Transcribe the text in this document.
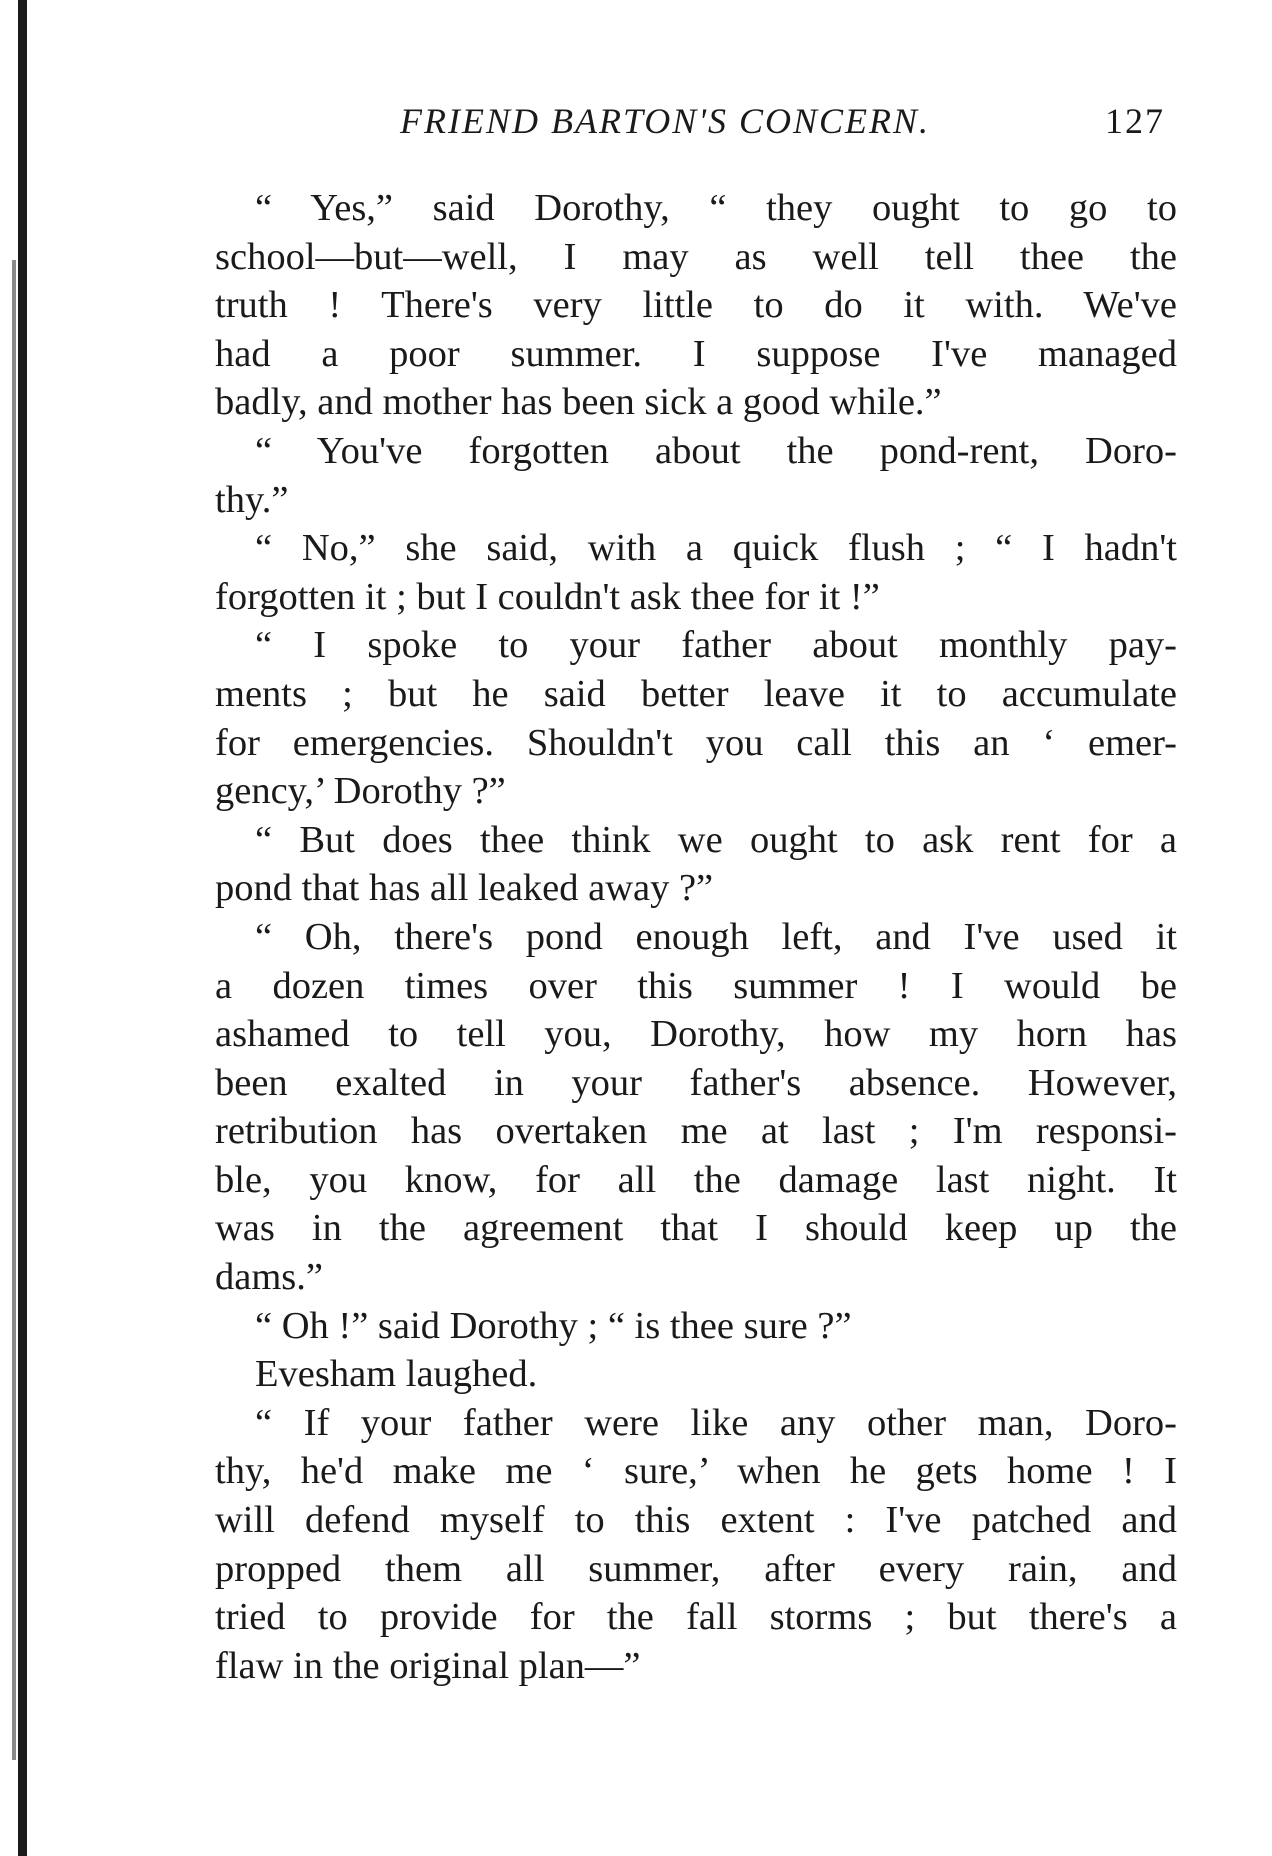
FRIEND BARTON'S CONCERN.	127
“ Yes,” said Dorothy, “ they ought to go to
school—but—well, I may as well tell thee the
truth ! There's very little to do it with. We've
had a poor summer. I suppose I've managed
badly, and mother has been sick a good while.”
“ You've forgotten about the pond-rent, Doro-
thy.”
“ No,” she said, with a quick flush ; “ I hadn't
forgotten it ; but I couldn't ask thee for it !”
“ I spoke to your father about monthly pay-
ments ; but he said better leave it to accumulate
for emergencies. Shouldn't you call this an ‘ emer-
gency,’ Dorothy ?”
“ But does thee think we ought to ask rent for a
pond that has all leaked away ?”
“ Oh, there's pond enough left, and I've used it
a dozen times over this summer ! I would be
ashamed to tell you, Dorothy, how my horn has
been exalted in your father's absence. However,
retribution has overtaken me at last ; I'm responsi-
ble, you know, for all the damage last night. It
was in the agreement that I should keep up the
dams.”
“ Oh !” said Dorothy ; “ is thee sure ?”
Evesham laughed.
“ If your father were like any other man, Doro-
thy, he'd make me ‘ sure,’ when he gets home ! I
will defend myself to this extent : I've patched and
propped them all summer, after every rain, and
tried to provide for the fall storms ; but there's a
flaw in the original plan—”
